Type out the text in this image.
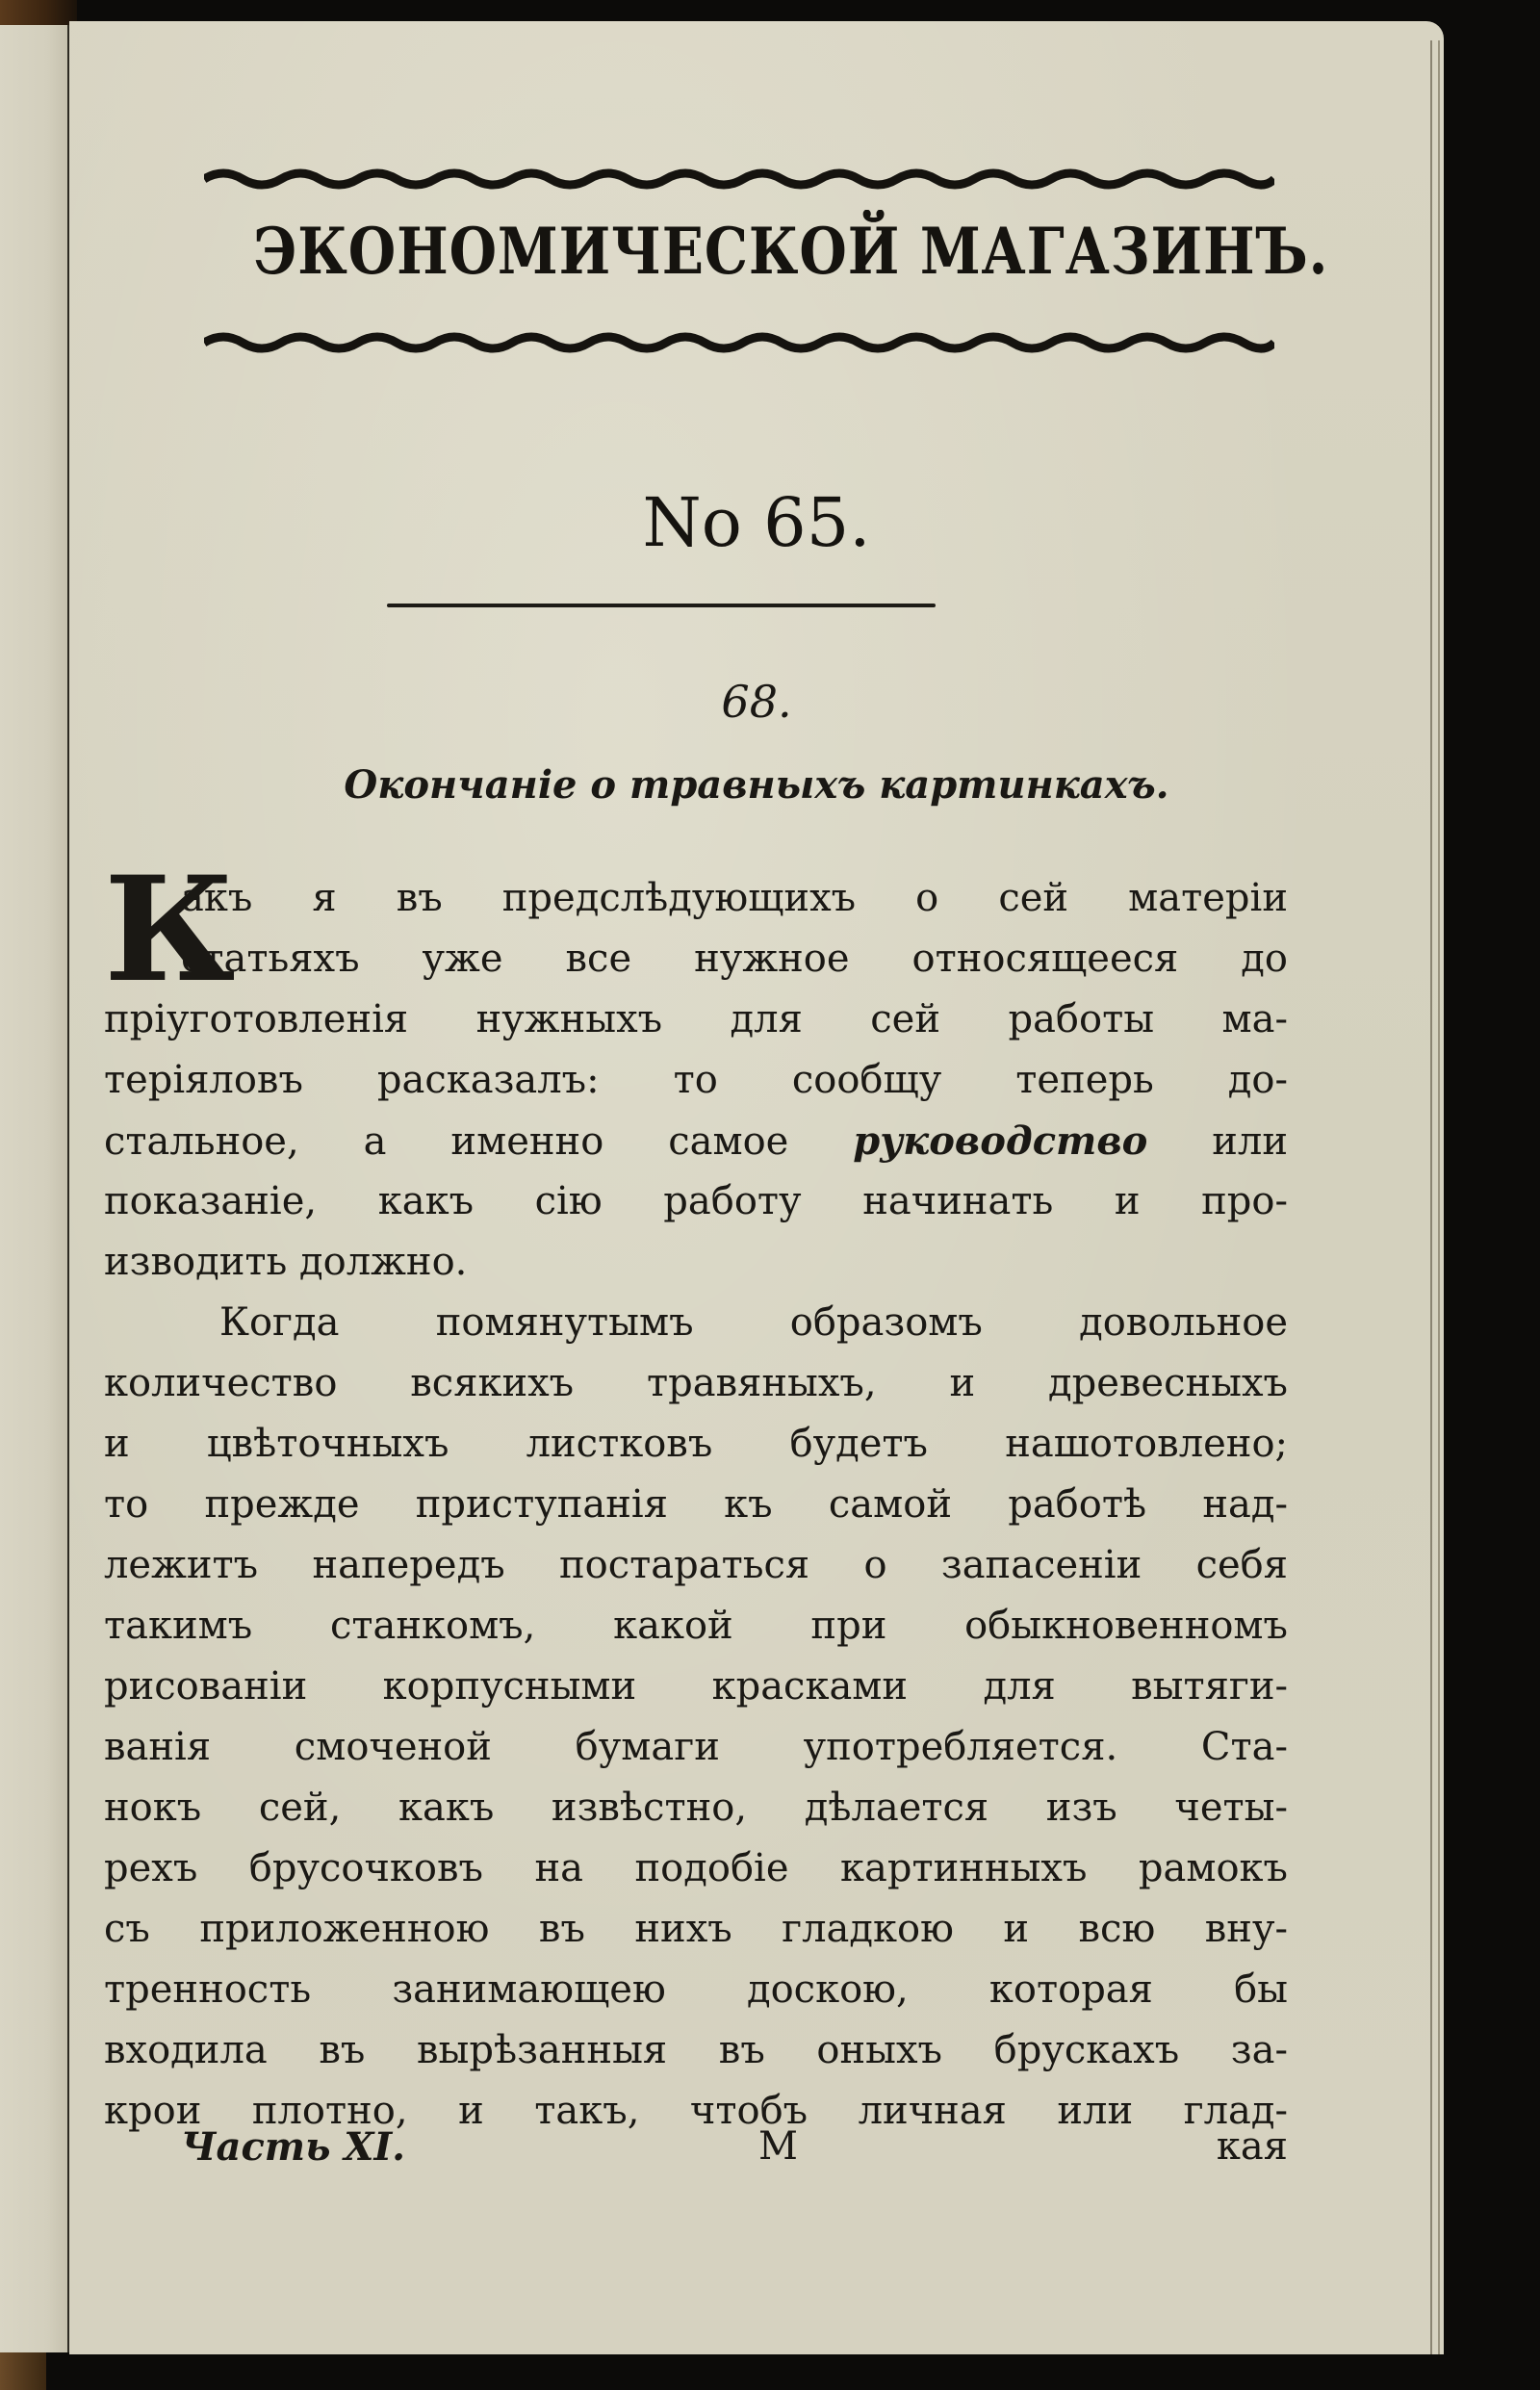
ЭКОНОМИЧЕСКОЙ МАГАЗИНЪ.
No 65.
68.
Окончаніе о травныхъ картинкахъ.
К
акъ я въ предслѣдующихъ о сей матеріи
статьяхъ уже все нужное относящееся до
пріуготовленія нужныхъ для сей работы ма-
теріяловъ расказалъ: то сообщу теперь до-
стальное, а именно самое руководство или
показаніе, какъ сію работу начинать и про-
изводить должно.
Когда помянутымъ образомъ довольное
количество всякихъ травяныхъ, и древесныхъ
и цвѣточныхъ листковъ будетъ нашотовлено;
то прежде приступанія къ самой работѣ над-
лежитъ напередъ постараться о запасеніи себя
такимъ станкомъ, какой при обыкновенномъ
рисованіи корпусными красками для вытяги-
ванія смоченой бумаги употребляется. Ста-
нокъ сей, какъ извѣстно, дѣлается изъ четы-
рехъ брусочковъ на подобіе картинныхъ рамокъ
съ приложенною въ нихъ гладкою и всю вну-
тренность занимающею доскою, которая бы
входила въ вырѣзанныя въ оныхъ брускахъ за-
крои плотно, и такъ, чтобъ личная или глад-
Часть XI.	М	кая
